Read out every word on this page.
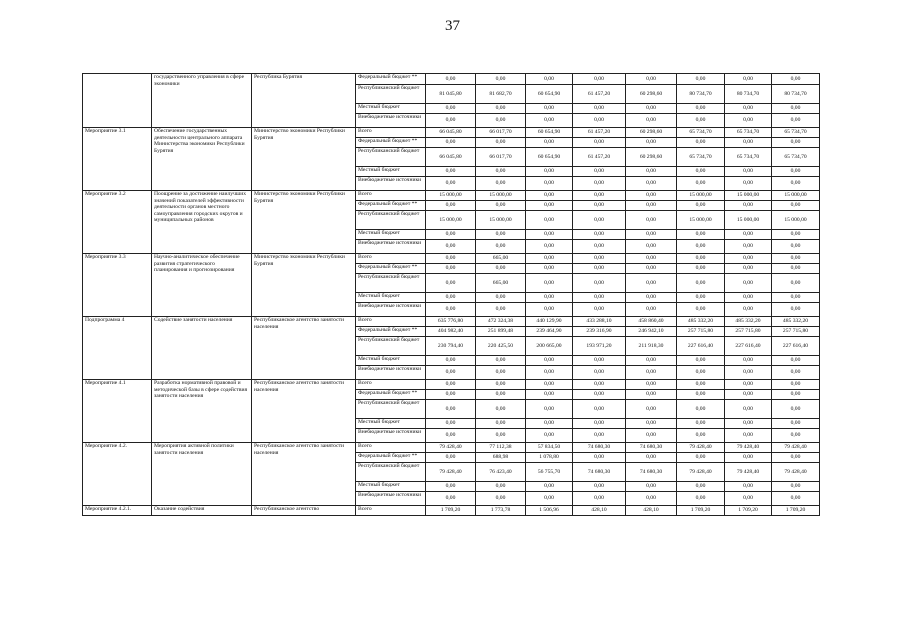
37
	государственного управления в сфере экономики	Республика Бурятия	Федеральный бюджет **	0,00	0,00	0,00	0,00	0,00	0,00	0,00	0,00

			Республиканский бюджет	81 045,80	81 682,70	60 654,90	61 457,20	60 298,60	80 734,70	80 734,70	80 734,70

			Местный бюджет	0,00	0,00	0,00	0,00	0,00	0,00	0,00	0,00

			Внебюджетные источники	0,00	0,00	0,00	0,00	0,00	0,00	0,00	0,00
Мероприятие 3.1	Обеспечение государственных деятельности центрального аппарата Министерства экономики Республики Бурятия	Министерство экономики Республики Бурятия	Всего	66 045,80	66 017,70	60 654,90	61 457,20	60 298,60	65 734,70	65 734,70	65 734,70

			Федеральный бюджет **	0,00	0,00	0,00	0,00	0,00	0,00	0,00	0,00

			Республиканский бюджет	66 045,80	66 017,70	60 654,90	61 457,20	60 298,60	65 734,70	65 734,70	65 734,70

			Местный бюджет	0,00	0,00	0,00	0,00	0,00	0,00	0,00	0,00

			Внебюджетные источники	0,00	0,00	0,00	0,00	0,00	0,00	0,00	0,00
Мероприятие 3.2	Поощрение за достижение наилучших значений показателей эффективности деятельности органов местного самоуправления городских округов и муниципальных районов	Министерство экономики Республики Бурятия	Всего	15 000,00	15 000,00	0,00	0,00	0,00	15 000,00	15 000,00	15 000,00

			Федеральный бюджет **	0,00	0,00	0,00	0,00	0,00	0,00	0,00	0,00

			Республиканский бюджет	15 000,00	15 000,00	0,00	0,00	0,00	15 000,00	15 000,00	15 000,00

			Местный бюджет	0,00	0,00	0,00	0,00	0,00	0,00	0,00	0,00

			Внебюджетные источники	0,00	0,00	0,00	0,00	0,00	0,00	0,00	0,00
Мероприятие 3.3	Научно-аналитическое обеспечение развития стратегического планирования и прогнозирования	Министерство экономики Республики Бурятия	Всего	0,00	665,00	0,00	0,00	0,00	0,00	0,00	0,00

			Федеральный бюджет **	0,00	0,00	0,00	0,00	0,00	0,00	0,00	0,00

			Республиканский бюджет	0,00	665,00	0,00	0,00	0,00	0,00	0,00	0,00

			Местный бюджет	0,00	0,00	0,00	0,00	0,00	0,00	0,00	0,00

			Внебюджетные источники	0,00	0,00	0,00	0,00	0,00	0,00	0,00	0,00
Подпрограмма 4	Содействие занятости населения	Республиканское агентство занятости населения	Всего	635 776,80	472 324,38	440 129,90	433 288,10	458 860,40	485 332,20	485 332,20	485 332,20

			Федеральный бюджет **	404 982,40	251 899,48	239 464,90	239 316,90	246 942,10	257 715,80	257 715,80	257 715,80

			Республиканский бюджет	230 794,40	220 425,50	200 665,00	193 971,20	211 918,30	227 616,40	227 616,40	227 616,40

			Местный бюджет	0,00	0,00	0,00	0,00	0,00	0,00	0,00	0,00

			Внебюджетные источники	0,00	0,00	0,00	0,00	0,00	0,00	0,00	0,00
Мероприятие 4.1	Разработка нормативной правовой и методической базы в сфере содействия занятости населения	Республиканское агентство занятости населения	Всего	0,00	0,00	0,00	0,00	0,00	0,00	0,00	0,00

			Федеральный бюджет **	0,00	0,00	0,00	0,00	0,00	0,00	0,00	0,00

			Республиканский бюджет	0,00	0,00	0,00	0,00	0,00	0,00	0,00	0,00

			Местный бюджет	0,00	0,00	0,00	0,00	0,00	0,00	0,00	0,00

			Внебюджетные источники	0,00	0,00	0,00	0,00	0,00	0,00	0,00	0,00
Мероприятие 4.2.	Мероприятия активной политики занятости населения	Республиканское агентство занятости населения	Всего	79 428,40	77 112,38	57 834,50	74 680,30	74 680,30	79 428,40	79 428,40	79 428,40

			Федеральный бюджет **	0,00	688,98	1 078,80	0,00	0,00	0,00	0,00	0,00

			Республиканский бюджет	79 428,40	76 423,40	56 755,70	74 680,30	74 680,30	79 428,40	79 428,40	79 428,40

			Местный бюджет	0,00	0,00	0,00	0,00	0,00	0,00	0,00	0,00

			Внебюджетные источники	0,00	0,00	0,00	0,00	0,00	0,00	0,00	0,00
Мероприятие 4.2.1.	Оказание содействия	Республиканское агентство	Всего	1 709,20	1 773,78	1 506,96	428,10	428,10	1 709,20	1 709,20	1 709,20
